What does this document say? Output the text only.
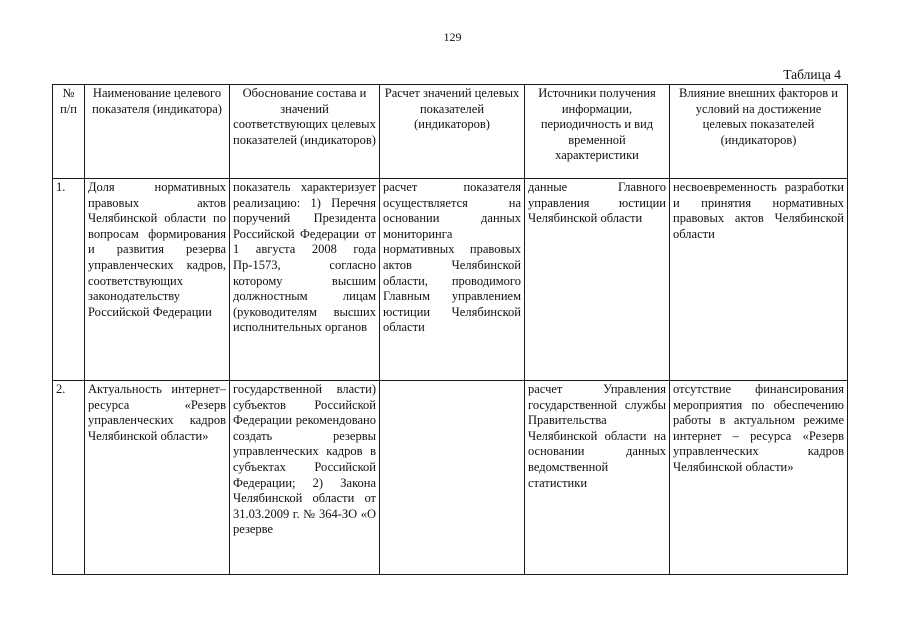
129
Таблица 4
№ п/п	Наименование целевого показателя (индикатора)	Обоснование состава и значений соответствующих целевых показателей (индикаторов)	Расчет значений целевых показателей (индикаторов)	Источники получения информации, периодичность и вид временной характеристики	Влияние внешних факторов и условий на достижение целевых показателей (индикаторов)
1.	Доля нормативных правовых актов Челябинской области по вопросам формирования и развития резерва управленческих кадров, соответствующих законодательству Российской Федерации	показатель характеризует реализацию: 1) Перечня поручений Президента Российской Федерации от 1 августа 2008 года Пр-1573, согласно которому высшим должностным лицам (руководителям высших исполнительных органов	расчет показателя осуществляется на основании данных мониторинга нормативных правовых актов Челябинской области, проводимого Главным управлением юстиции Челябинской области	данные Главного управления юстиции Челябинской области	несвоевременность разработки и принятия нормативных правовых актов Челябинской области
2.	Актуальность интернет–ресурса «Резерв управленческих кадров Челябинской области»	государственной власти) субъектов Российской Федерации рекомендовано создать резервы управленческих кадров в субъектах Российской Федерации; 2) Закона Челябинской области от 31.03.2009 г. № 364-ЗО «О резерве		расчет Управления государственной службы Правительства Челябинской области на основании данных ведомственной статистики	отсутствие финансирования мероприятия по обеспечению работы в актуальном режиме интернет – ресурса «Резерв управленческих кадров Челябинской области»
